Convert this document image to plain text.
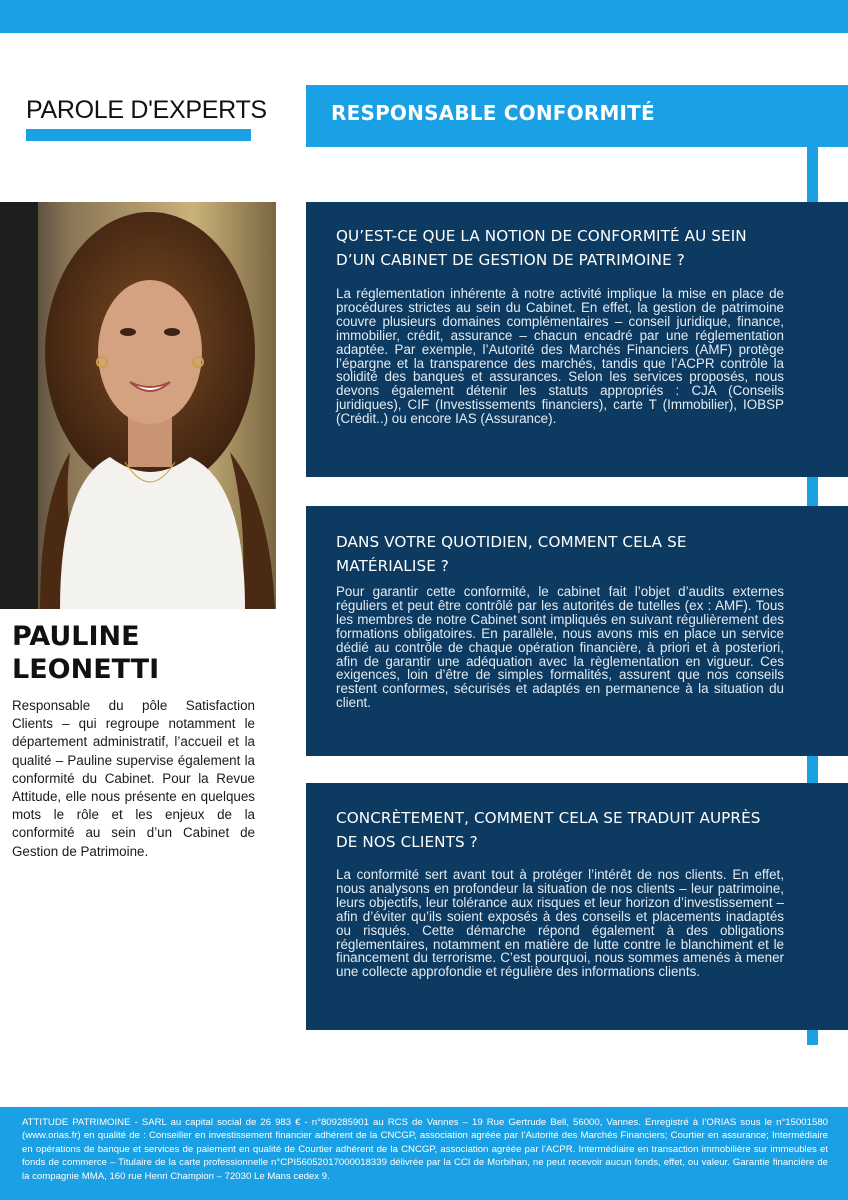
PAROLE D'EXPERTS	RESPONSABLE CONFORMITÉ
PAULINE
LEONETTI
Responsable du pôle Satisfaction Clients – qui regroupe notamment le département administratif, l’accueil et la qualité – Pauline supervise également la conformité du Cabinet. Pour la Revue Attitude, elle nous présente en quelques mots le rôle et les enjeux de la conformité au sein d’un Cabinet de Gestion de Patrimoine.
QU’EST-CE QUE LA NOTION DE CONFORMITÉ AU SEIN D’UN CABINET DE GESTION DE PATRIMOINE ?
La réglementation inhérente à notre activité implique la mise en place de procédures strictes au sein du Cabinet. En effet, la gestion de patrimoine couvre plusieurs domaines complémentaires – conseil juridique, finance, immobilier, crédit, assurance – chacun encadré par une réglementation adaptée. Par exemple, l’Autorité des Marchés Financiers (AMF) protège l’épargne et la transparence des marchés, tandis que l’ACPR contrôle la solidité des banques et assurances. Selon les services proposés, nous devons également détenir les statuts appropriés : CJA (Conseils juridiques), CIF (Investissements financiers), carte T (Immobilier), IOBSP (Crédit..) ou encore IAS (Assurance).
DANS VOTRE QUOTIDIEN, COMMENT CELA SE MATÉRIALISE ?
Pour garantir cette conformité, le cabinet fait l’objet d’audits externes réguliers et peut être contrôlé par les autorités de tutelles (ex : AMF). Tous les membres de notre Cabinet sont impliqués en suivant régulièrement des formations obligatoires. En parallèle, nous avons mis en place un service dédié au contrôle de chaque opération financière, à priori et à posteriori, afin de garantir une adéquation avec la règlementation en vigueur. Ces exigences, loin d’être de simples formalités, assurent que nos conseils restent conformes, sécurisés et adaptés en permanence à la situation du client.
CONCRÈTEMENT, COMMENT CELA SE TRADUIT AUPRÈS DE NOS CLIENTS ?
La conformité sert avant tout à protéger l’intérêt de nos clients. En effet, nous analysons en profondeur la situation de nos clients – leur patrimoine, leurs objectifs, leur tolérance aux risques et leur horizon d’investissement – afin d’éviter qu’ils soient exposés à des conseils et placements inadaptés ou risqués. Cette démarche répond également à des obligations réglementaires, notamment en matière de lutte contre le blanchiment et le financement du terrorisme. C’est pourquoi, nous sommes amenés à mener une collecte approfondie et régulière des informations clients.
ATTITUDE PATRIMOINE - SARL au capital social de 26 983 € - n°809285901 au RCS de Vannes – 19 Rue Gertrude Bell, 56000, Vannes. Enregistré à l’ORIAS sous le n°15001580 (www.orias.fr) en qualité de : Conseiller en investissement financier adhérent de la CNCGP, association agréée par l’Autorité des Marchés Financiers; Courtier en assurance; Intermédiaire en opérations de banque et services de paiement en qualité de Courtier adhérent de la CNCGP, association agréée par l’ACPR. Intermédiaire en transaction immobilière sur immeubles et fonds de commerce – Titulaire de la carte professionnelle n°CPI56052017000018339 délivrée par la CCI de Morbihan, ne peut recevoir aucun fonds, effet, ou valeur. Garantie financière de la compagnie MMA, 160 rue Henri Champion – 72030 Le Mans cedex 9.
